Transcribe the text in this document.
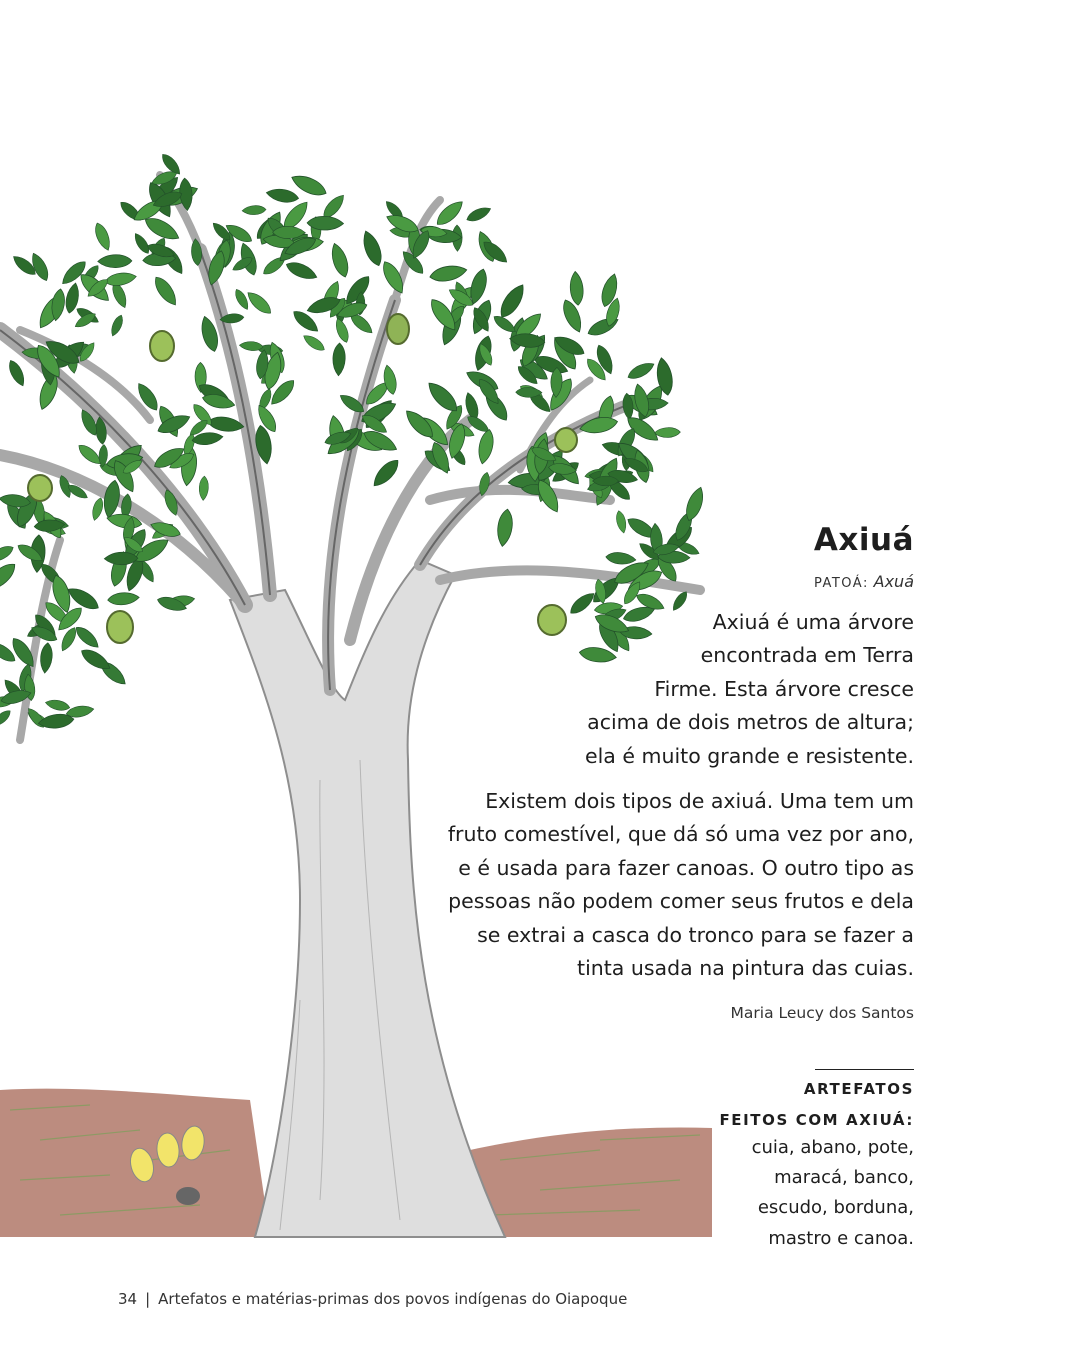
Axiuá
PATOÁ: Axuá
Axiuá é uma árvore
encontrada em Terra
Firme. Esta árvore cresce
acima de dois metros de altura;
ela é muito grande e resistente.
Existem dois tipos de axiuá. Uma tem um
fruto comestível, que dá só uma vez por ano,
e é usada para fazer canoas. O outro tipo as
pessoas não podem comer seus frutos e dela
se extrai a casca do tronco para se fazer a
tinta usada na pintura das cuias.
Maria Leucy dos Santos
ARTEFATOS
FEITOS COM AXIUÁ:
cuia, abano, pote,
maracá, banco,
escudo, borduna,
mastro e canoa.
34 | Artefatos e matérias-primas dos povos indígenas do Oiapoque
